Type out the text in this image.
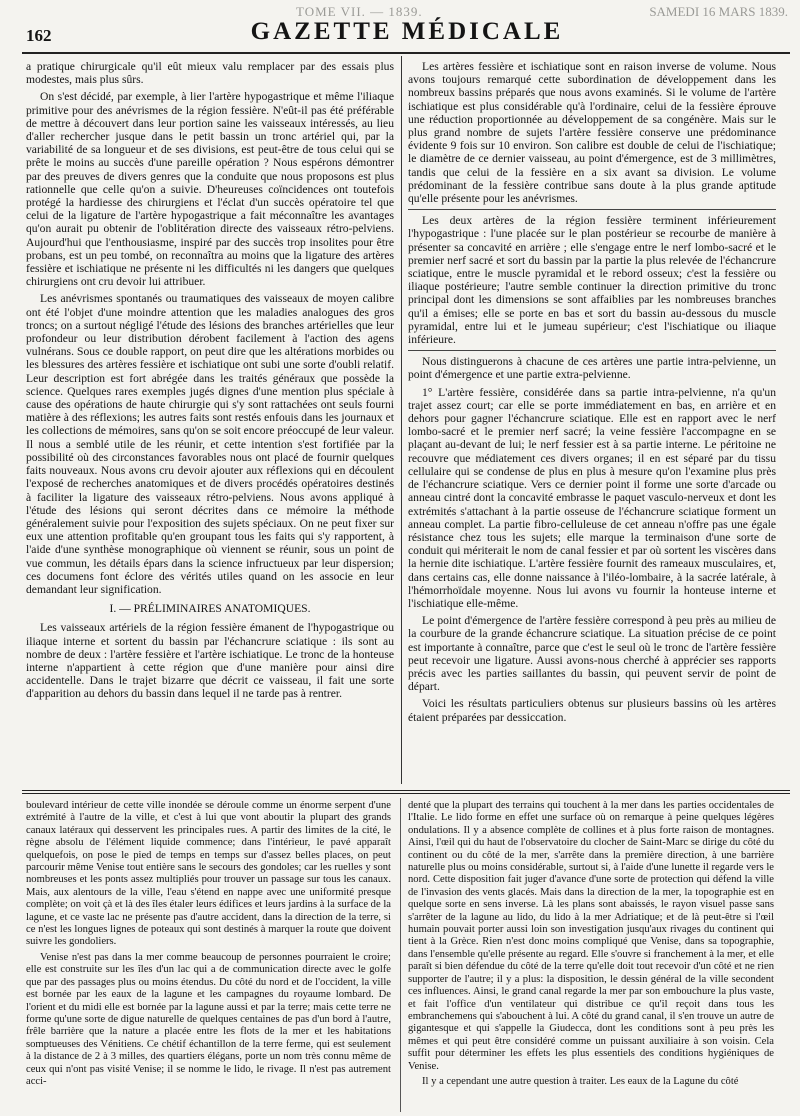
162
TOME VII. — 1839.	SAMEDI 16 MARS 1839.
GAZETTE MÉDICALE

a pratique chirurgicale qu'il eût mieux valu remplacer par des essais plus modestes, mais plus sûrs.

On s'est décidé, par exemple, à lier l'artère hypogastrique et même l'iliaque primitive pour des anévrismes de la région fessière. N'eût-il pas été préférable de mettre à découvert dans leur portion saine les vaisseaux intéressés, au lieu d'aller rechercher jusque dans le petit bassin un tronc artériel qui, par la variabilité de sa longueur et de ses divisions, est peut-être de tous celui qui se prête le moins au succès d'une pareille opération ? Nous espérons démontrer par des preuves de divers genres que la conduite que nous proposons est plus rationnelle que celle qu'on a suivie. D'heureuses coïncidences ont toutefois protégé la hardiesse des chirurgiens et l'éclat d'un succès opératoire tel que celui de la ligature de l'artère hypogastrique a fait méconnaître les avantages qu'on aurait pu obtenir de l'oblitération directe des vaisseaux rétro-pelviens. Aujourd'hui que l'enthousiasme, inspiré par des succès trop insolites pour être probans, est un peu tombé, on reconnaîtra au moins que la ligature des artères fessière et ischiatique ne présente ni les difficultés ni les dangers que quelques chirurgiens ont cru devoir lui attribuer.

Les anévrismes spontanés ou traumatiques des vaisseaux de moyen calibre ont été l'objet d'une moindre attention que les maladies analogues des gros troncs; on a surtout négligé l'étude des lésions des branches artérielles que leur profondeur ou leur distribution dérobent facilement à l'action des agens vulnérans. Sous ce double rapport, on peut dire que les altérations morbides ou les blessures des artères fessière et ischiatique ont subi une sorte d'oubli relatif. Leur description est fort abrégée dans les traités généraux que possède la science. Quelques rares exemples jugés dignes d'une mention plus spéciale à cause des opérations de haute chirurgie qui s'y sont rattachées ont seuls fourni matière à des réflexions; les autres faits sont restés enfouis dans les journaux et les collections de mémoires, sans qu'on se soit encore préoccupé de leur valeur. Il nous a semblé utile de les réunir, et cette intention s'est fortifiée par la possibilité où des circonstances favorables nous ont placé de fournir quelques faits nouveaux. Nous avons cru devoir ajouter aux réflexions qui en découlent l'exposé de recherches anatomiques et de divers procédés opératoires destinés à faciliter la ligature des vaisseaux rétro-pelviens. Nous avons appliqué à l'étude des lésions qui seront décrites dans ce mémoire la méthode généralement suivie pour l'exposition des sujets spéciaux. On ne peut fixer sur eux une attention profitable qu'en groupant tous les faits qui s'y rapportent, à l'aide d'une synthèse monographique où viennent se réunir, sous un point de vue commun, les détails épars dans la science infructueux par leur dispersion; ces documens font éclore des vérités utiles quand on les associe en leur demandant leur signification.

I. — PRÉLIMINAIRES ANATOMIQUES.

Les vaisseaux artériels de la région fessière émanent de l'hypogastrique ou iliaque interne et sortent du bassin par l'échancrure sciatique : ils sont au nombre de deux : l'artère fessière et l'artère ischiatique. Le tronc de la honteuse interne n'appartient à cette région que d'une manière pour ainsi dire accidentelle. Dans le trajet bizarre que décrit ce vaisseau, il fait une sorte d'apparition au dehors du bassin dans lequel il ne tarde pas à rentrer.

Les artères fessière et ischiatique sont en raison inverse de volume. Nous avons toujours remarqué cette subordination de développement dans les nombreux bassins préparés que nous avons examinés. Si le volume de l'artère ischiatique est plus considérable qu'à l'ordinaire, celui de la fessière éprouve une réduction proportionnée au développement de sa congénère. Mais sur le plus grand nombre de sujets l'artère fessière conserve une prédominance évidente 9 fois sur 10 environ. Son calibre est double de celui de l'ischiatique; le diamètre de ce dernier vaisseau, au point d'émergence, est de 3 millimètres, tandis que celui de la fessière en a six avant sa division. Le volume prédominant de la fessière contribue sans doute à la plus grande aptitude qu'elle présente pour les anévrismes.

Les deux artères de la région fessière terminent inférieurement l'hypogastrique : l'une placée sur le plan postérieur se recourbe de manière à présenter sa concavité en arrière ; elle s'engage entre le nerf lombo-sacré et le premier nerf sacré et sort du bassin par la partie la plus relevée de l'échancrure sciatique, entre le muscle pyramidal et le rebord osseux; c'est la fessière ou iliaque postérieure; l'autre semble continuer la direction primitive du tronc principal dont les dimensions se sont affaiblies par les nombreuses branches qu'il a émises; elle se porte en bas et sort du bassin au-dessous du muscle pyramidal, entre lui et le jumeau supérieur; c'est l'ischiatique ou iliaque inférieure.

Nous distinguerons à chacune de ces artères une partie intra-pelvienne, un point d'émergence et une partie extra-pelvienne.

1° L'artère fessière, considérée dans sa partie intra-pelvienne, n'a qu'un trajet assez court; car elle se porte immédiatement en bas, en arrière et en dehors pour gagner l'échancrure sciatique. Elle est en rapport avec le nerf lombo-sacré et le premier nerf sacré; la veine fessière l'accompagne en se plaçant au-devant de lui; le nerf fessier est à sa partie interne. Le péritoine ne recouvre que médiatement ces divers organes; il en est séparé par du tissu cellulaire qui se condense de plus en plus à mesure qu'on l'examine plus près de l'échancrure sciatique. Vers ce dernier point il forme une sorte d'arcade ou anneau cintré dont la concavité embrasse le paquet vasculo-nerveux et dont les extrémités s'attachant à la partie osseuse de l'échancrure sciatique forment un anneau complet. La partie fibro-celluleuse de cet anneau n'offre pas une égale résistance chez tous les sujets; elle marque la terminaison d'une sorte de conduit qui mériterait le nom de canal fessier et par où sortent les viscères dans la hernie dite ischiatique. L'artère fessière fournit des rameaux musculaires, et, dans certains cas, elle donne naissance à l'iléo-lombaire, à la sacrée latérale, à l'hémorrhoïdale moyenne. Nous lui avons vu fournir la honteuse interne et l'ischiatique elle-même.

Le point d'émergence de l'artère fessière correspond à peu près au milieu de la courbure de la grande échancrure sciatique. La situation précise de ce point est importante à connaître, parce que c'est le seul où le tronc de l'artère fessière peut recevoir une ligature. Aussi avons-nous cherché à apprécier ses rapports précis avec les parties saillantes du bassin, qui peuvent servir de point de départ.

Voici les résultats particuliers obtenus sur plusieurs bassins où les artères étaient préparées par dessiccation.

boulevard intérieur de cette ville inondée se déroule comme un énorme serpent d'une extrémité à l'autre de la ville, et c'est à lui que vont aboutir la plupart des grands canaux latéraux qui desservent les principales rues. A partir des limites de la cité, le règne absolu de l'élément liquide commence; dans l'intérieur, le pavé apparaît quelquefois, on pose le pied de temps en temps sur d'assez belles places, on peut parcourir même Venise tout entière sans le secours des gondoles; car les ruelles y sont nombreuses et les ponts assez multipliés pour trouver un passage sur tous les canaux. Mais, aux alentours de la ville, l'eau s'étend en nappe avec une uniformité presque complète; on voit çà et là des îles étaler leurs édifices et leurs jardins à la surface de la lagune, et ce vaste lac ne présente pas d'autre accident, dans la direction de la terre, si ce n'est les longues lignes de poteaux qui sont destinés à marquer la route que doivent suivre les gondoliers.

Venise n'est pas dans la mer comme beaucoup de personnes pourraient le croire; elle est construite sur les îles d'un lac qui a de communication directe avec le golfe que par des passages plus ou moins étendus. Du côté du nord et de l'occident, la ville est bornée par les eaux de la lagune et les campagnes du royaume lombard. De l'orient et du midi elle est bornée par la lagune aussi et par la terre; mais cette terre ne forme qu'une sorte de digue naturelle de quelques centaines de pas d'un bord à l'autre, frêle barrière que la nature a placée entre les flots de la mer et les habitations somptueuses des Vénitiens. Ce chétif échantillon de la terre ferme, qui est seulement à la distance de 2 à 3 milles, des quartiers élégans, porte un nom très connu même de ceux qui n'ont pas visité Venise; il se nomme le lido, le rivage. Il n'est pas autrement acci-

denté que la plupart des terrains qui touchent à la mer dans les parties occidentales de l'Italie. Le lido forme en effet une surface où on remarque à peine quelques légères ondulations. Il y a absence complète de collines et à plus forte raison de montagnes. Ainsi, l'œil qui du haut de l'observatoire du clocher de Saint-Marc se dirige du côté du continent ou du côté de la mer, s'arrête dans la première direction, à une barrière naturelle plus ou moins considérable, surtout si, à l'aide d'une lunette il regarde vers le nord. Cette disposition fait juger d'avance d'une sorte de protection qui défend la ville de l'invasion des vents glacés. Mais dans la direction de la mer, la topographie est en quelque sorte en sens inverse. Là les plans sont abaissés, le rayon visuel passe sans s'arrêter de la lagune au lido, du lido à la mer Adriatique; et de là peut-être si l'œil humain pouvait porter aussi loin son investigation jusqu'aux rivages du continent qui tient à la Grèce. Rien n'est donc moins compliqué que Venise, dans sa topographie, dans l'ensemble qu'elle présente au regard. Elle s'ouvre si franchement à la mer, et elle paraît si bien défendue du côté de la terre qu'elle doit tout recevoir d'un côté et ne rien supporter de l'autre; il y a plus: la disposition, le dessin général de la ville secondent ces influences. Ainsi, le grand canal regarde la mer par son embouchure la plus vaste, et fait l'office d'un ventilateur qui distribue ce qu'il reçoit dans tous les embranchemens qui s'abouchent à lui. A côté du grand canal, il s'en trouve un autre de gigantesque et qui s'appelle la Giudecca, dont les conditions sont à peu près les mêmes et qui peut être considéré comme un puissant auxiliaire à son voisin. Cela suffit pour déterminer les effets les plus essentiels des conditions hygiéniques de Venise.

Il y a cependant une autre question à traiter. Les eaux de la Lagune du côté
